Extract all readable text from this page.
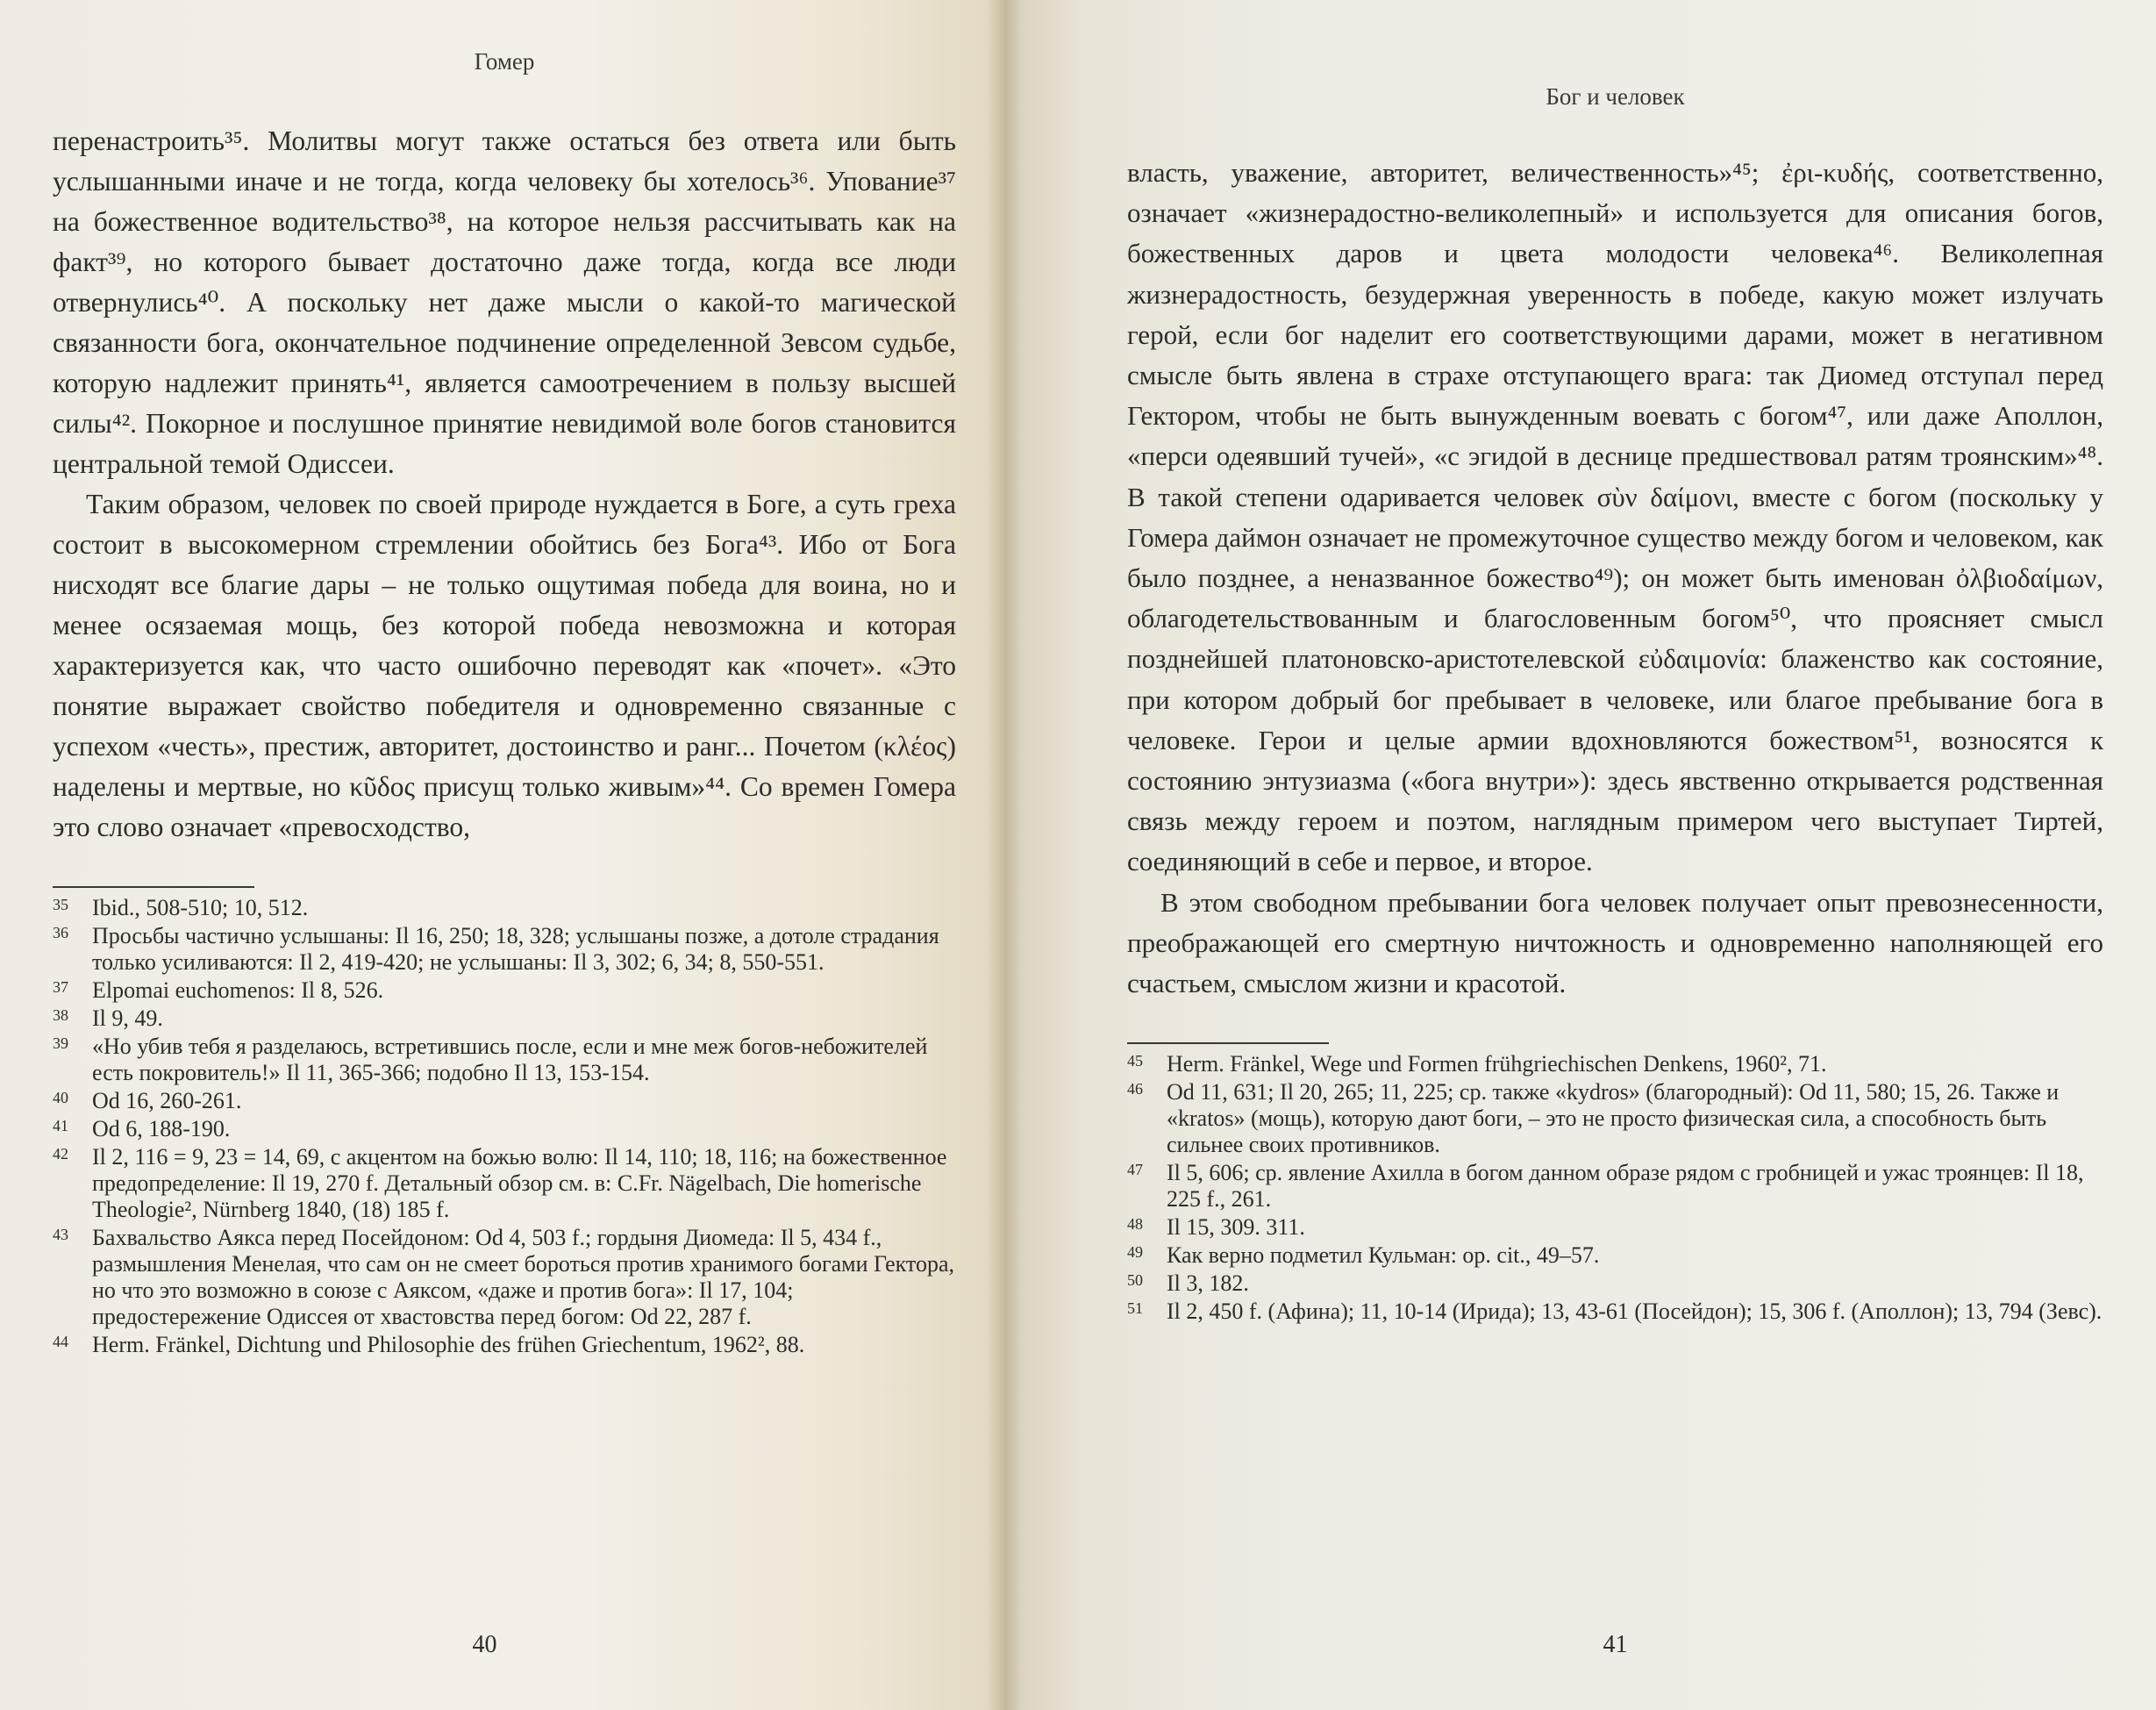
Гомер

перенастроить³⁵. Молитвы могут также остаться без ответа или быть услышанными иначе и не тогда, когда человеку бы хотелось³⁶. Упование³⁷ на божественное водительство³⁸, на которое нельзя рассчитывать как на факт³⁹, но которого бывает достаточно даже тогда, когда все люди отвернулись⁴⁰. А поскольку нет даже мысли о какой-то магической связанности бога, окончательное подчинение определенной Зевсом судьбе, которую надлежит принять⁴¹, является самоотречением в пользу высшей силы⁴². Покорное и послушное принятие невидимой воле богов становится центральной темой Одиссеи.

Таким образом, человек по своей природе нуждается в Боге, а суть греха состоит в высокомерном стремлении обойтись без Бога⁴³. Ибо от Бога нисходят все благие дары – не только ощутимая победа для воина, но и менее осязаемая мощь, без которой победа невозможна и которая характеризуется как, что часто ошибочно переводят как «почет». «Это понятие выражает свойство победителя и одновременно связанные с успехом «честь», престиж, авторитет, достоинство и ранг... Почетом (κλέος) наделены и мертвые, но κῦδος присущ только живым»⁴⁴. Со времен Гомера это слово означает «превосходство,

35	Ibid., 508-510; 10, 512.
36	Просьбы частично услышаны: Il 16, 250; 18, 328; услышаны позже, а дотоле страдания только усиливаются: Il 2, 419-420; не услышаны: Il 3, 302; 6, 34; 8, 550-551.
37	Elpomai euchomenos: Il 8, 526.
38	Il 9, 49.
39	«Но убив тебя я разделаюсь, встретившись после, если и мне меж богов-небожителей есть покровитель!» Il 11, 365-366; подобно Il 13, 153-154.
40	Od 16, 260-261.
41	Od 6, 188-190.
42	Il 2, 116 = 9, 23 = 14, 69, с акцентом на божью волю: Il 14, 110; 18, 116; на божественное предопределение: Il 19, 270 f. Детальный обзор см. в: C.Fr. Nägelbach, Die homerische Theologie², Nürnberg 1840, (18) 185 f.
43	Бахвальство Аякса перед Посейдоном: Od 4, 503 f.; гордыня Диомеда: Il 5, 434 f., размышления Менелая, что сам он не смеет бороться против хранимого богами Гектора, но что это возможно в союзе с Аяксом, «даже и против бога»: Il 17, 104; предостережение Одиссея от хвастовства перед богом: Od 22, 287 f.
44	Herm. Fränkel, Dichtung und Philosophie des frühen Griechentum, 1962², 88.
40
Бог и человек

власть, уважение, авторитет, величественность»⁴⁵; ἐρι-κυδής, соответственно, означает «жизнерадостно-великолепный» и используется для описания богов, божественных даров и цвета молодости человека⁴⁶. Великолепная жизнерадостность, безудержная уверенность в победе, какую может излучать герой, если бог наделит его соответствующими дарами, может в негативном смысле быть явлена в страхе отступающего врага: так Диомед отступал перед Гектором, чтобы не быть вынужденным воевать с богом⁴⁷, или даже Аполлон, «перси одеявший тучей», «с эгидой в деснице предшествовал ратям троянским»⁴⁸. В такой степени одаривается человек σὺν δαίμονι, вместе с богом (поскольку у Гомера даймон означает не промежуточное существо между богом и человеком, как было позднее, а неназванное божество⁴⁹); он может быть именован ὀλβιοδαίμων, облагодетельствованным и благословенным богом⁵⁰, что проясняет смысл позднейшей платоновско-аристотелевской εὐδαιμονία: блаженство как состояние, при котором добрый бог пребывает в человеке, или благое пребывание бога в человеке. Герои и целые армии вдохновляются божеством⁵¹, возносятся к состоянию энтузиазма («бога внутри»): здесь явственно открывается родственная связь между героем и поэтом, наглядным примером чего выступает Тиртей, соединяющий в себе и первое, и второе.

В этом свободном пребывании бога человек получает опыт превознесенности, преображающей его смертную ничтожность и одновременно наполняющей его счастьем, смыслом жизни и красотой.

45	Herm. Fränkel, Wege und Formen frühgriechischen Denkens, 1960², 71.
46	Od 11, 631; Il 20, 265; 11, 225; ср. также «kydros» (благородный): Od 11, 580; 15, 26. Также и «kratos» (мощь), которую дают боги, – это не просто физическая сила, а способность быть сильнее своих противников.
47	Il 5, 606; ср. явление Ахилла в богом данном образе рядом с гробницей и ужас троянцев: Il 18, 225 f., 261.
48	Il 15, 309. 311.
49	Как верно подметил Кульман: op. cit., 49–57.
50	Il 3, 182.
51	Il 2, 450 f. (Афина); 11, 10-14 (Ирида); 13, 43-61 (Посейдон); 15, 306 f. (Аполлон); 13, 794 (Зевс).
41
